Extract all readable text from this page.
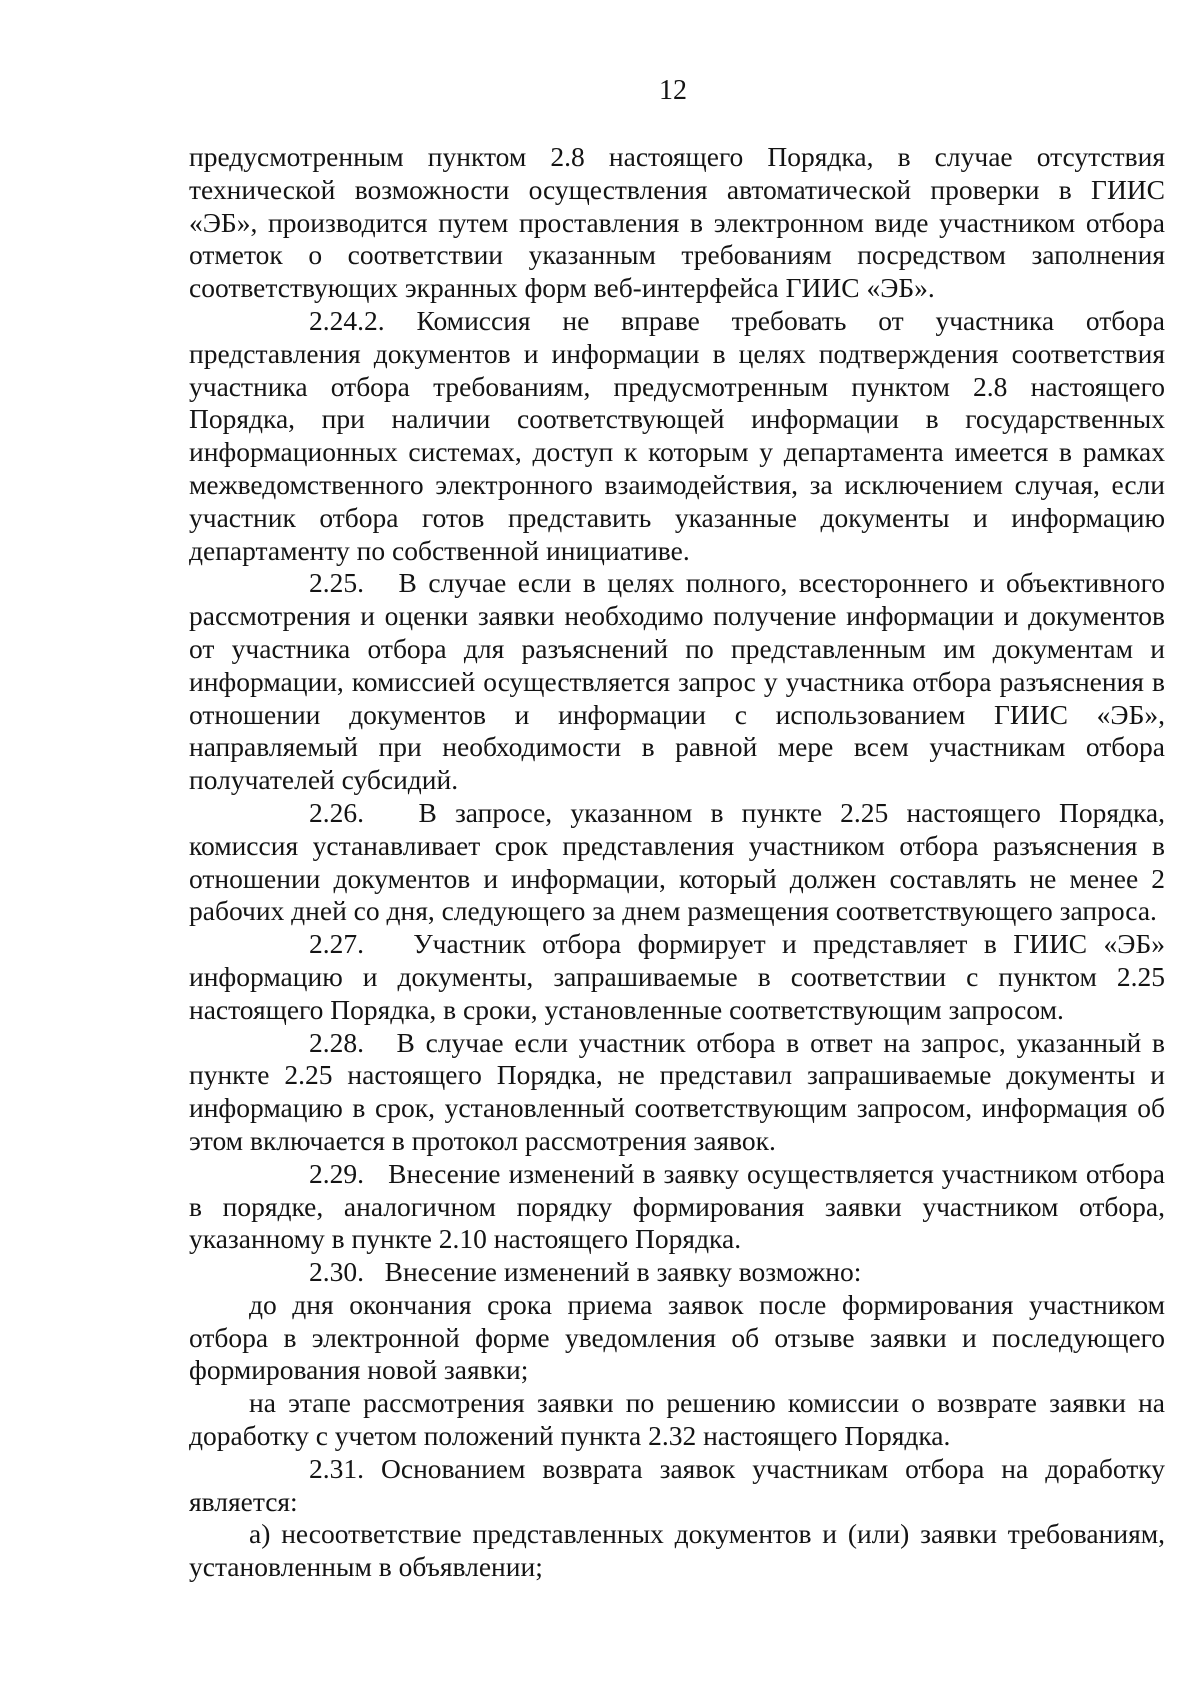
12

предусмотренным пунктом 2.8 настоящего Порядка, в случае отсутствия технической возможности осуществления автоматической проверки в ГИИС «ЭБ», производится путем проставления в электронном виде участником отбора отметок о соответствии указанным требованиям посредством заполнения соответствующих экранных форм веб-интерфейса ГИИС «ЭБ».

2.24.2. Комиссия не вправе требовать от участника отбора представления документов и информации в целях подтверждения соответствия участника отбора требованиям, предусмотренным пунктом 2.8 настоящего Порядка, при наличии соответствующей информации в государственных информационных системах, доступ к которым у департамента имеется в рамках межведомственного электронного взаимодействия, за исключением случая, если участник отбора готов представить указанные документы и информацию департаменту по собственной инициативе.

2.25. В случае если в целях полного, всестороннего и объективного рассмотрения и оценки заявки необходимо получение информации и документов от участника отбора для разъяснений по представленным им документам и информации, комиссией осуществляется запрос у участника отбора разъяснения в отношении документов и информации с использованием ГИИС «ЭБ», направляемый при необходимости в равной мере всем участникам отбора получателей субсидий.

2.26. В запросе, указанном в пункте 2.25 настоящего Порядка, комиссия устанавливает срок представления участником отбора разъяснения в отношении документов и информации, который должен составлять не менее 2 рабочих дней со дня, следующего за днем размещения соответствующего запроса.

2.27. Участник отбора формирует и представляет в ГИИС «ЭБ» информацию и документы, запрашиваемые в соответствии с пунктом 2.25 настоящего Порядка, в сроки, установленные соответствующим запросом.

2.28. В случае если участник отбора в ответ на запрос, указанный в пункте 2.25 настоящего Порядка, не представил запрашиваемые документы и информацию в срок, установленный соответствующим запросом, информация об этом включается в протокол рассмотрения заявок.

2.29. Внесение изменений в заявку осуществляется участником отбора в порядке, аналогичном порядку формирования заявки участником отбора, указанному в пункте 2.10 настоящего Порядка.

2.30. Внесение изменений в заявку возможно:

до дня окончания срока приема заявок после формирования участником отбора в электронной форме уведомления об отзыве заявки и последующего формирования новой заявки;

на этапе рассмотрения заявки по решению комиссии о возврате заявки на доработку с учетом положений пункта 2.32 настоящего Порядка.

2.31. Основанием возврата заявок участникам отбора на доработку является:

а) несоответствие представленных документов и (или) заявки требованиям, установленным в объявлении;
